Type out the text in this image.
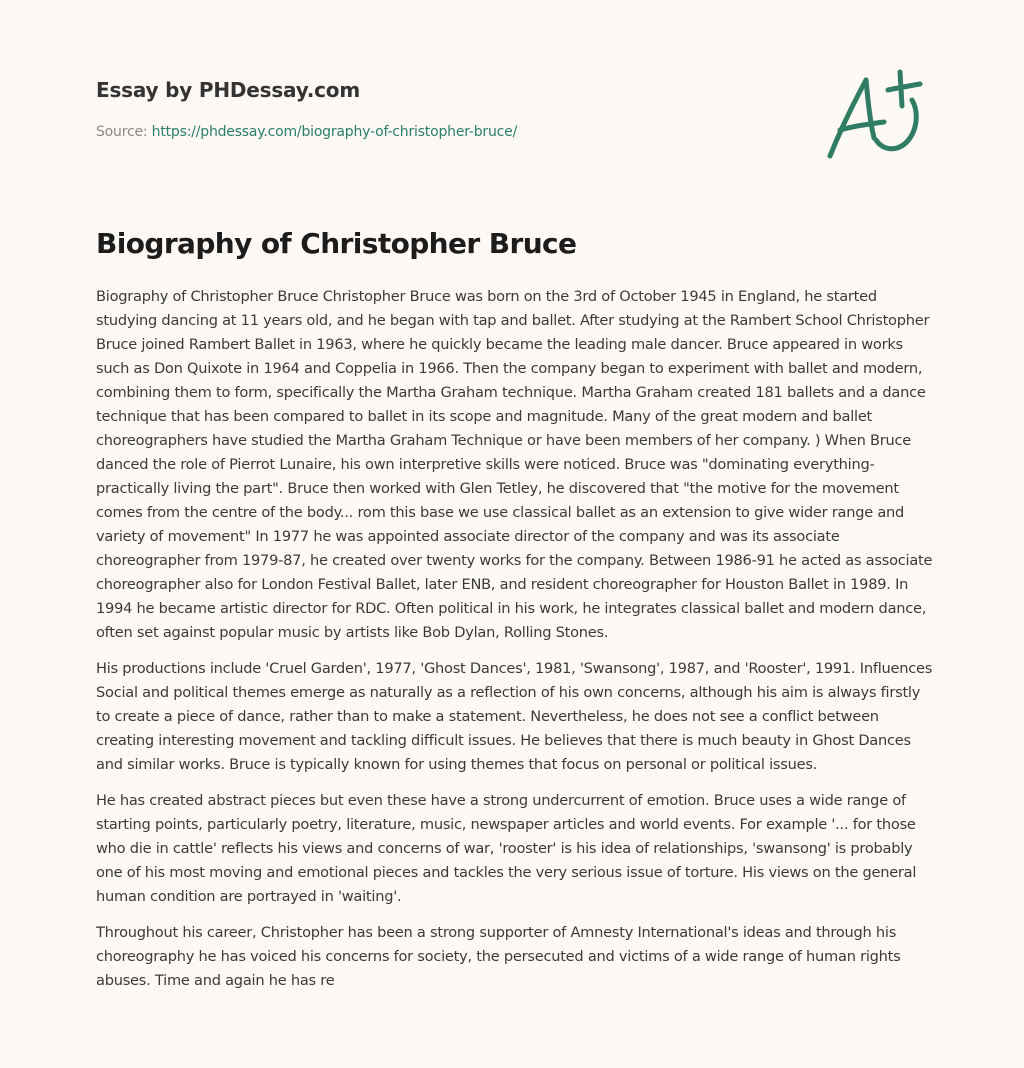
Essay by PHDessay.com
Source: https://phdessay.com/biography-of-christopher-bruce/
Biography of Christopher Bruce

Biography of Christopher Bruce Christopher Bruce was born on the 3rd of October 1945 in England, he started studying dancing at 11 years old, and he began with tap and ballet. After studying at the Rambert School Christopher Bruce joined Rambert Ballet in 1963, where he quickly became the leading male dancer. Bruce appeared in works such as Don Quixote in 1964 and Coppelia in 1966. Then the company began to experiment with ballet and modern, combining them to form, specifically the Martha Graham technique. Martha Graham created 181 ballets and a dance technique that has been compared to ballet in its scope and magnitude. Many of the great modern and ballet choreographers have studied the Martha Graham Technique or have been members of her company. ) When Bruce danced the role of Pierrot Lunaire, his own interpretive skills were noticed. Bruce was "dominating everything- practically living the part". Bruce then worked with Glen Tetley, he discovered that "the motive for the movement comes from the centre of the body... rom this base we use classical ballet as an extension to give wider range and variety of movement" In 1977 he was appointed associate director of the company and was its associate choreographer from 1979-87, he created over twenty works for the company. Between 1986-91 he acted as associate choreographer also for London Festival Ballet, later ENB, and resident choreographer for Houston Ballet in 1989. In 1994 he became artistic director for RDC. Often political in his work, he integrates classical ballet and modern dance, often set against popular music by artists like Bob Dylan, Rolling Stones.

His productions include 'Cruel Garden', 1977, 'Ghost Dances', 1981, 'Swansong', 1987, and 'Rooster', 1991. Influences Social and political themes emerge as naturally as a reflection of his own concerns, although his aim is always firstly to create a piece of dance, rather than to make a statement. Nevertheless, he does not see a conflict between creating interesting movement and tackling difficult issues. He believes that there is much beauty in Ghost Dances and similar works. Bruce is typically known for using themes that focus on personal or political issues.

He has created abstract pieces but even these have a strong undercurrent of emotion. Bruce uses a wide range of starting points, particularly poetry, literature, music, newspaper articles and world events. For example '... for those who die in cattle' reflects his views and concerns of war, 'rooster' is his idea of relationships, 'swansong' is probably one of his most moving and emotional pieces and tackles the very serious issue of torture. His views on the general human condition are portrayed in 'waiting'.

Throughout his career, Christopher has been a strong supporter of Amnesty International's ideas and through his choreography he has voiced his concerns for society, the persecuted and victims of a wide range of human rights abuses. Time and again he has re
